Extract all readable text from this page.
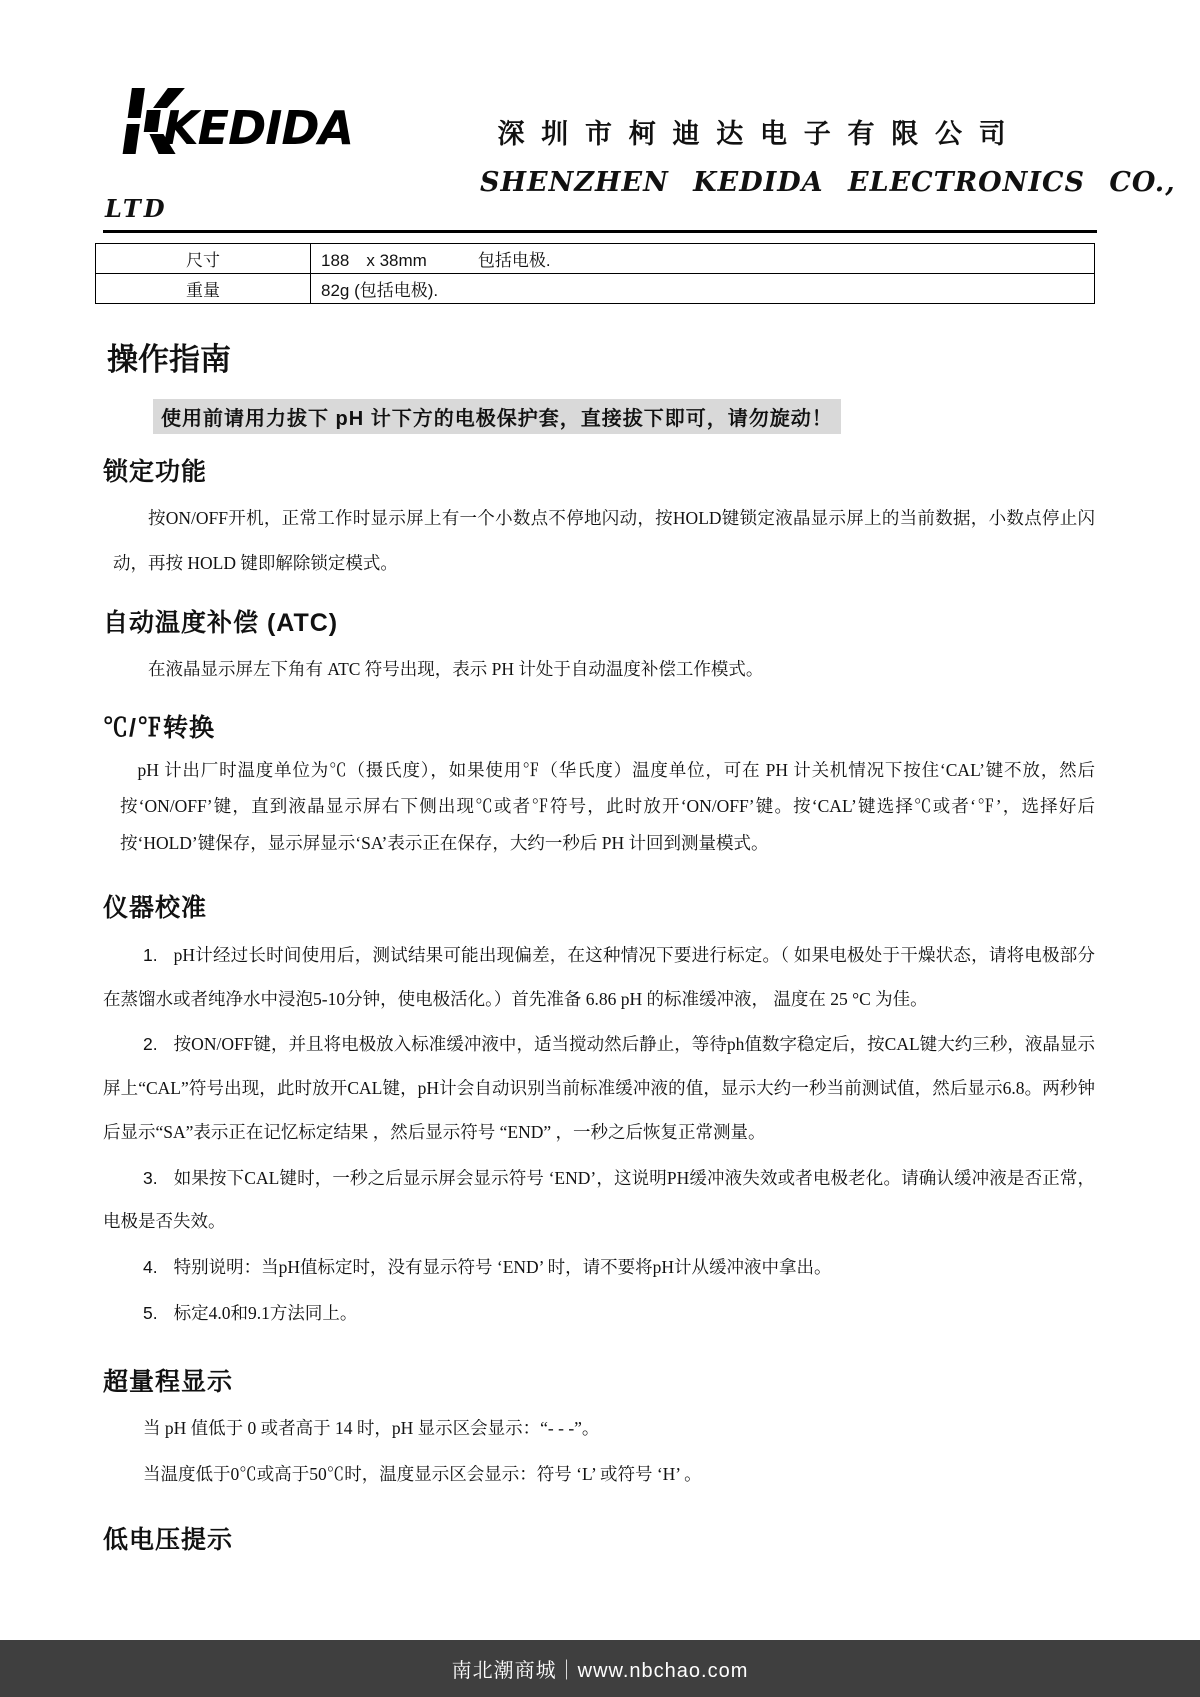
KEDIDA	深圳市柯迪达电子有限公司
SHENZHEN KEDIDA ELECTRONICS CO.,
LTD
尺寸	188　x 38mm　　　包括电极.
重量	82g (包括电极).
操作指南
使用前请用力拔下 pH 计下方的电极保护套，直接拔下即可，请勿旋动！
锁定功能

按ON/OFF开机，正常工作时显示屏上有一个小数点不停地闪动，按HOLD键锁定液晶显示屏上的当前数据，小数点停止闪动，再按 HOLD 键即解除锁定模式。

自动温度补偿 (ATC)

在液晶显示屏左下角有 ATC 符号出现，表示 PH 计处于自动温度补偿工作模式。

℃/℉转换

pH 计出厂时温度单位为℃（摄氏度），如果使用℉（华氏度）温度单位，可在 PH 计关机情况下按住‘CAL’键不放，然后按‘ON/OFF’键，直到液晶显示屏右下侧出现℃或者℉符号，此时放开‘ON/OFF’键。按‘CAL’键选择℃或者‘℉’，选择好后按‘HOLD’键保存，显示屏显示‘SA’表示正在保存，大约一秒后 PH 计回到测量模式。

仪器校准

1. pH计经过长时间使用后，测试结果可能出现偏差，在这种情况下要进行标定。（ 如果电极处于干燥状态，请将电极部分在蒸馏水或者纯净水中浸泡5-10分钟，使电极活化。）首先准备 6.86 pH 的标准缓冲液， 温度在 25 °C 为佳。

2. 按ON/OFF键，并且将电极放入标准缓冲液中，适当搅动然后静止，等待ph值数字稳定后，按CAL键大约三秒，液晶显示屏上“CAL”符号出现，此时放开CAL键，pH计会自动识别当前标准缓冲液的值，显示大约一秒当前测试值，然后显示6.8。两秒钟后显示“SA”表示正在记忆标定结果 ，然后显示符号 “END” ，一秒之后恢复正常测量。

3. 如果按下CAL键时，一秒之后显示屏会显示符号 ‘END’，这说明PH缓冲液失效或者电极老化。请确认缓冲液是否正常，电极是否失效。

4. 特别说明：当pH值标定时，没有显示符号 ‘END’ 时，请不要将pH计从缓冲液中拿出。

5. 标定4.0和9.1方法同上。

超量程显示

当 pH 值低于 0 或者高于 14 时，pH 显示区会显示：“- - -”。

当温度低于0℃或高于50℃时，温度显示区会显示：符号 ‘L’ 或符号 ‘H’ 。

低电压提示
南北潮商城｜www.nbchao.com
